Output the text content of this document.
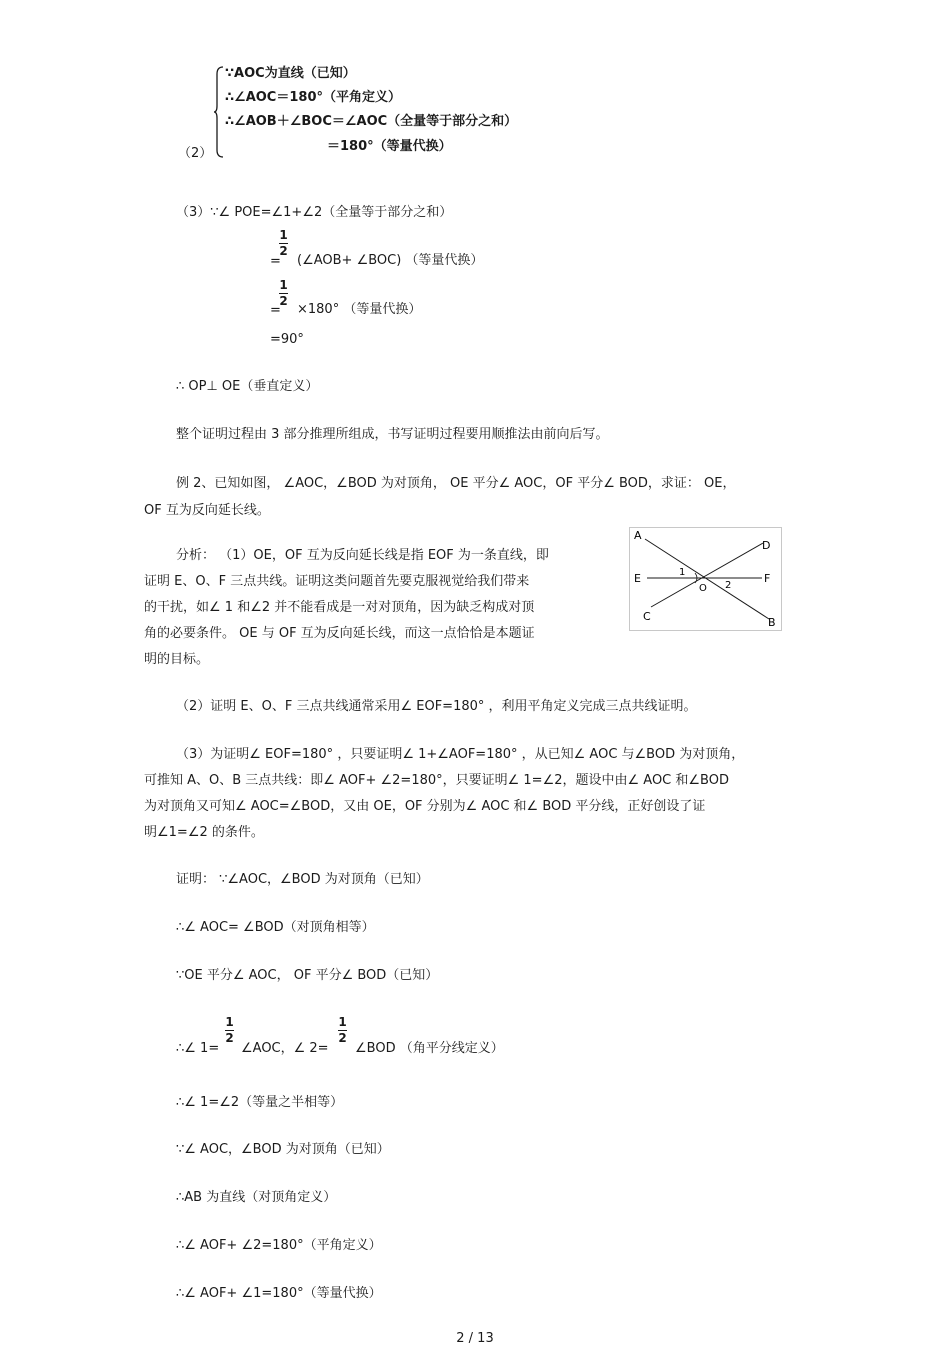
（2）
∵AOC为直线（已知）
∴∠AOC＝180°（平角定义）
∴∠AOB＋∠BOC＝∠AOC（全量等于部分之和）
＝180°（等量代换）
（3）∵∠ POE=∠1+∠2（全量等于部分之和）
=
1
2
(∠AOB+ ∠BOC) （等量代换）
=
1
2
×180° （等量代换）
=90°
∴ OP⊥ OE（垂直定义）
整个证明过程由 3 部分推理所组成，书写证明过程要用顺推法由前向后写。
例 2、已知如图， ∠AOC，∠BOD 为对顶角， OE 平分∠ AOC，OF 平分∠ BOD，求证： OE，
OF 互为反向延长线。
分析： （1）OE，OF 互为反向延长线是指 EOF 为一条直线，即
证明 E、O、F 三点共线。证明这类问题首先要克服视觉给我们带来
的干扰，如∠ 1 和∠2 并不能看成是一对对顶角，因为缺乏构成对顶
角的必要条件。 OE 与 OF 互为反向延长线，而这一点恰恰是本题证
明的目标。
A
D
E	F
C	B
O
1
2
（2）证明 E、O、F 三点共线通常采用∠ EOF=180° ，利用平角定义完成三点共线证明。
（3）为证明∠ EOF=180° ，只要证明∠ 1+∠AOF=180° ，从已知∠ AOC 与∠BOD 为对顶角，
可推知 A、O、B 三点共线：即∠ AOF+ ∠2=180°，只要证明∠ 1=∠2，题设中由∠ AOC 和∠BOD
为对顶角又可知∠ AOC=∠BOD，又由 OE，OF 分别为∠ AOC 和∠ BOD 平分线，正好创设了证
明∠1=∠2 的条件。
证明： ∵∠AOC，∠BOD 为对顶角（已知）
∴∠ AOC= ∠BOD（对顶角相等）
∵OE 平分∠ AOC， OF 平分∠ BOD（已知）
∴∠ 1=
1
2
∠AOC，∠ 2=
1
2
∠BOD （角平分线定义）
∴∠ 1=∠2（等量之半相等）
∵∠ AOC，∠BOD 为对顶角（已知）
∴AB 为直线（对顶角定义）
∴∠ AOF+ ∠2=180°（平角定义）
∴∠ AOF+ ∠1=180°（等量代换）
2 / 13
